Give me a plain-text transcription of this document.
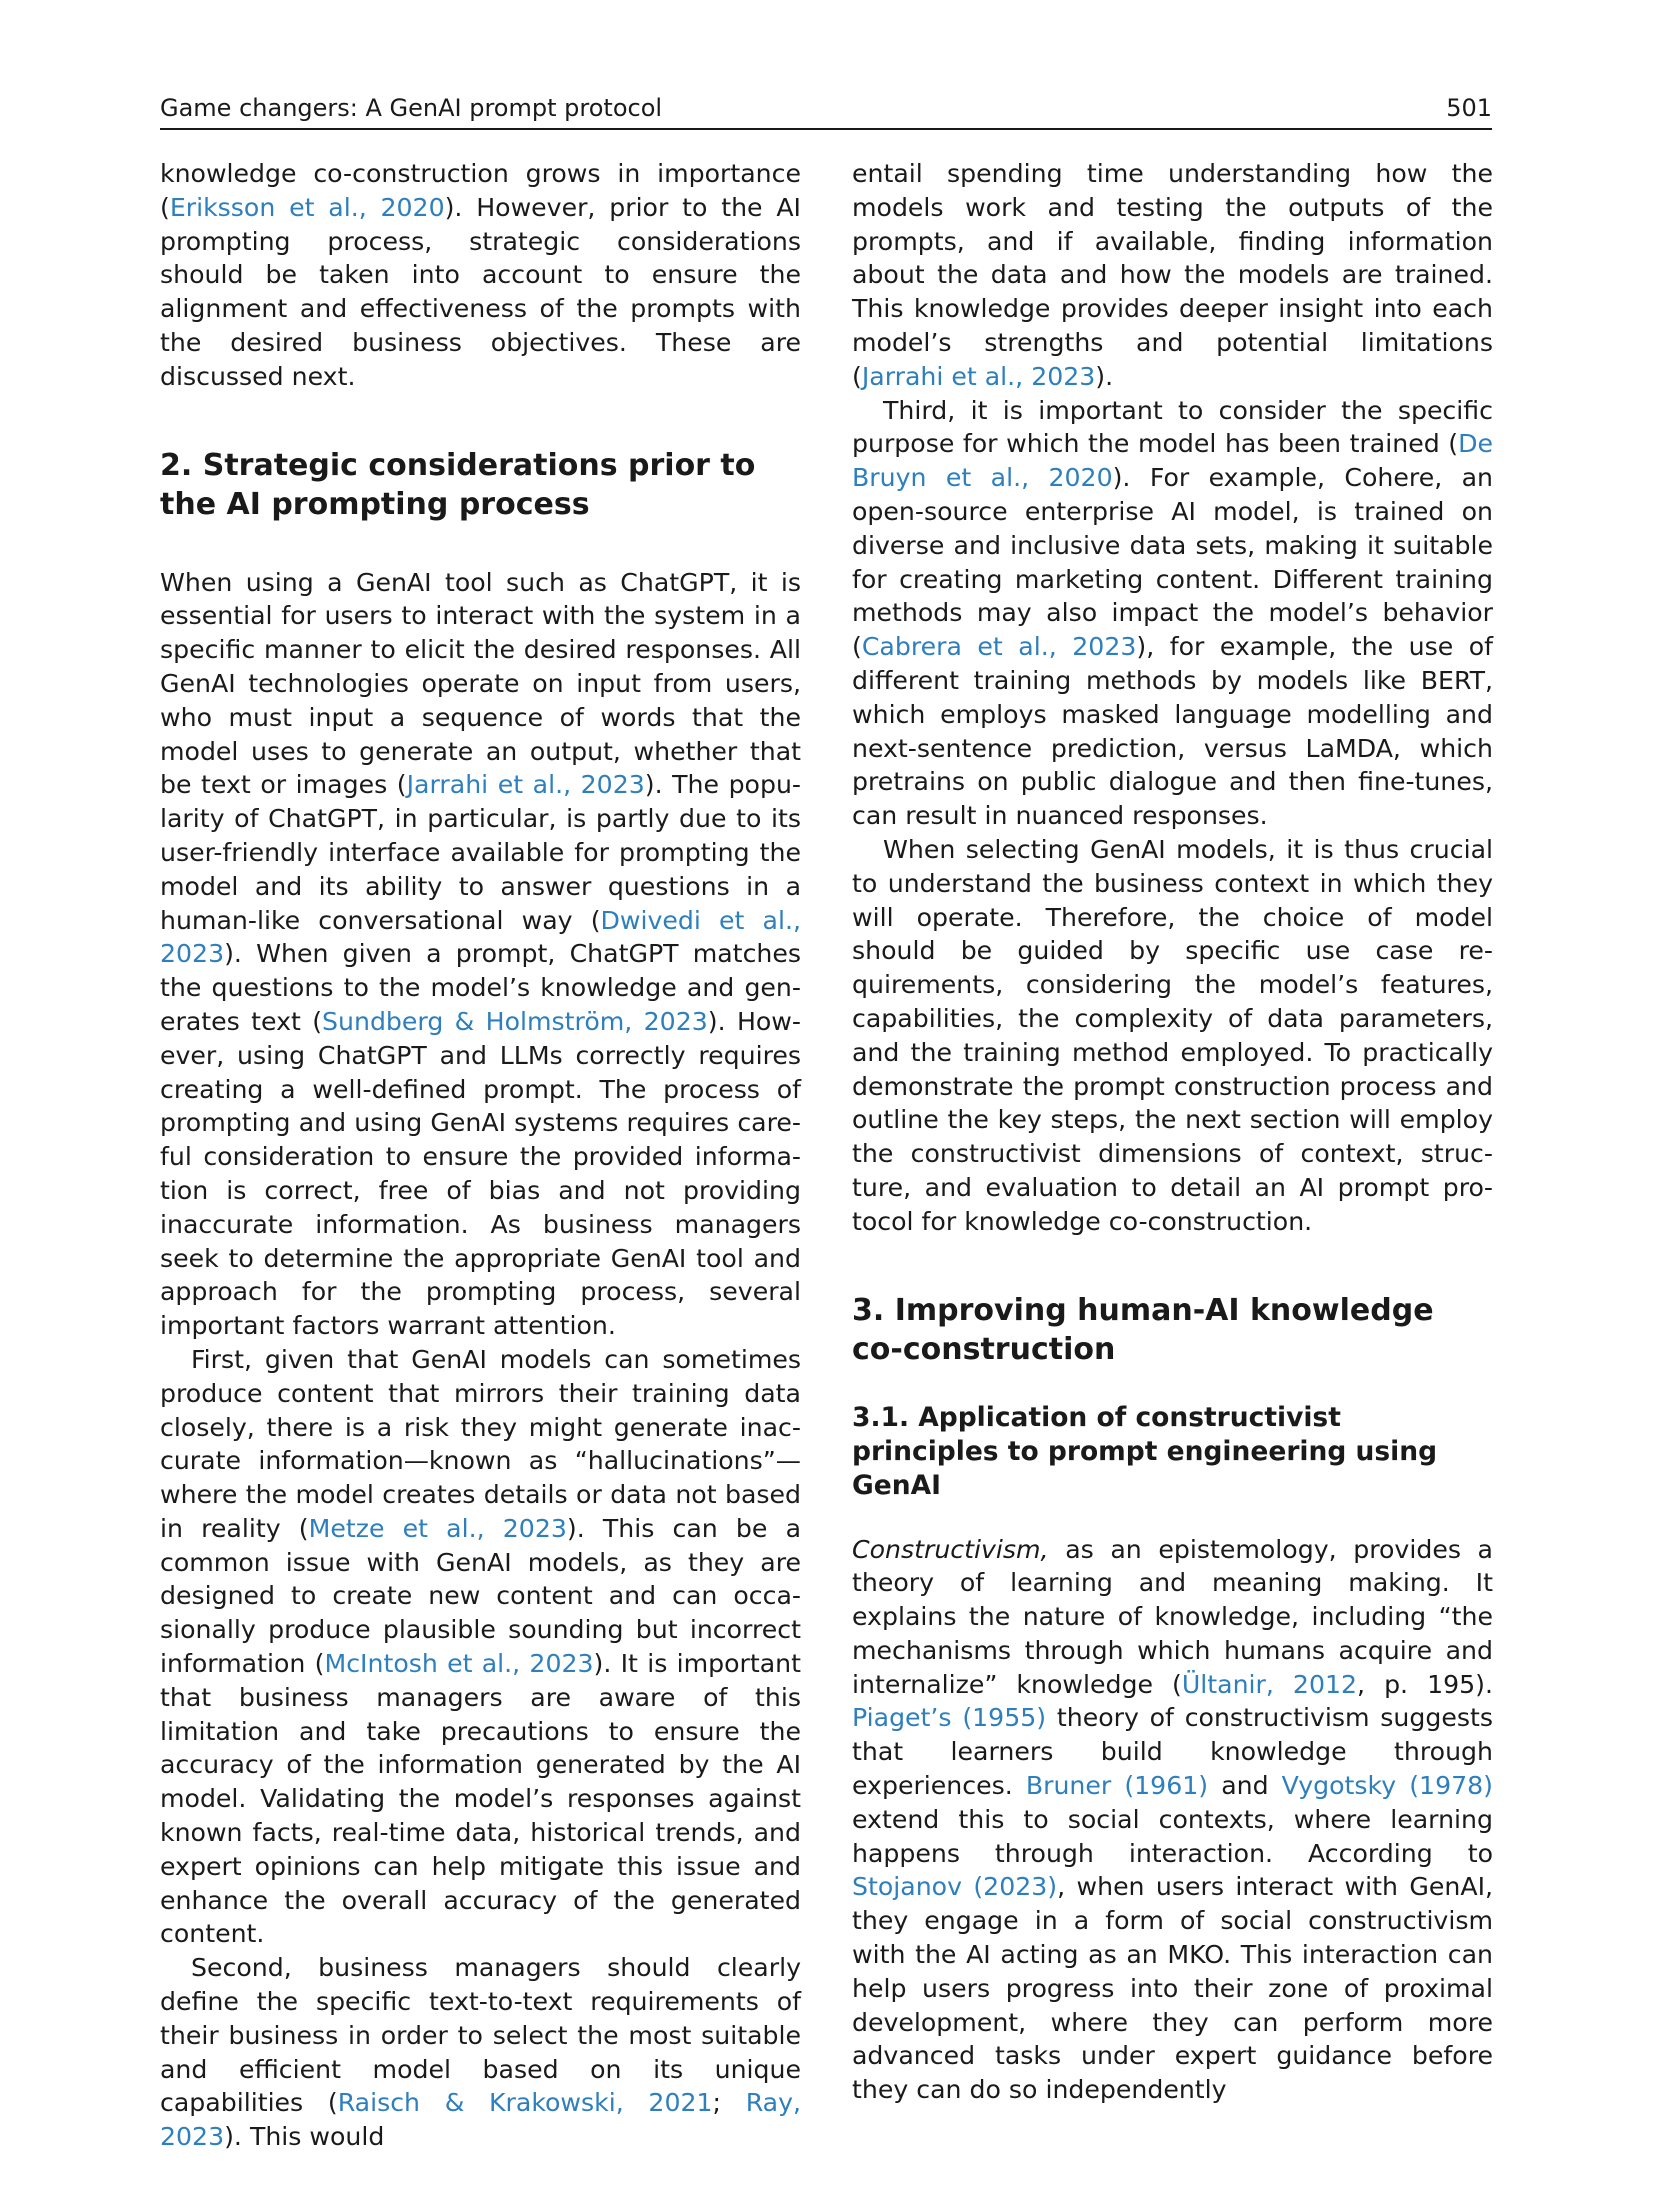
Game changers: A GenAI prompt protocol	501

knowledge co-construction grows in importance (Eriksson et al., 2020). However, prior to the AI prompting process, strategic considerations should be taken into account to ensure the alignment and effectiveness of the prompts with the desired business objectives. These are discussed next.

2. Strategic considerations prior to the AI prompting process

When using a GenAI tool such as ChatGPT, it is essential for users to interact with the system in a specific manner to elicit the desired responses. All GenAI technologies operate on input from users, who must input a sequence of words that the model uses to generate an output, whether that be text or images (Jarrahi et al., 2023). The popularity of ChatGPT, in particular, is partly due to its user-friendly interface available for prompting the model and its ability to answer questions in a human-like conversational way (Dwivedi et al., 2023). When given a prompt, ChatGPT matches the questions to the model’s knowledge and generates text (Sundberg & Holmström, 2023). However, using ChatGPT and LLMs correctly requires creating a well-defined prompt. The process of prompting and using GenAI systems requires careful consideration to ensure the provided information is correct, free of bias and not providing inaccurate information. As business managers seek to determine the appropriate GenAI tool and approach for the prompting process, several important factors warrant attention.

First, given that GenAI models can sometimes produce content that mirrors their training data closely, there is a risk they might generate inaccurate information—known as “hallucinations”—where the model creates details or data not based in reality (Metze et al., 2023). This can be a common issue with GenAI models, as they are designed to create new content and can occasionally produce plausible sounding but incorrect information (McIntosh et al., 2023). It is important that business managers are aware of this limitation and take precautions to ensure the accuracy of the information generated by the AI model. Validating the model’s responses against known facts, real-time data, historical trends, and expert opinions can help mitigate this issue and enhance the overall accuracy of the generated content.

Second, business managers should clearly define the specific text-to-text requirements of their business in order to select the most suitable and efficient model based on its unique capabilities (Raisch & Krakowski, 2021; Ray, 2023). This would

entail spending time understanding how the models work and testing the outputs of the prompts, and if available, finding information about the data and how the models are trained. This knowledge provides deeper insight into each model’s strengths and potential limitations (Jarrahi et al., 2023).

Third, it is important to consider the specific purpose for which the model has been trained (De Bruyn et al., 2020). For example, Cohere, an open-source enterprise AI model, is trained on diverse and inclusive data sets, making it suitable for creating marketing content. Different training methods may also impact the model’s behavior (Cabrera et al., 2023), for example, the use of different training methods by models like BERT, which employs masked language modelling and next-sentence prediction, versus LaMDA, which pretrains on public dialogue and then fine-tunes, can result in nuanced responses.

When selecting GenAI models, it is thus crucial to understand the business context in which they will operate. Therefore, the choice of model should be guided by specific use case requirements, considering the model’s features, capabilities, the complexity of data parameters, and the training method employed. To practically demonstrate the prompt construction process and outline the key steps, the next section will employ the constructivist dimensions of context, structure, and evaluation to detail an AI prompt protocol for knowledge co-construction.

3. Improving human-AI knowledge co-construction
3.1. Application of constructivist principles to prompt engineering using GenAI

Constructivism, as an epistemology, provides a theory of learning and meaning making. It explains the nature of knowledge, including “the mechanisms through which humans acquire and internalize” knowledge (Ültanir, 2012, p. 195). Piaget’s (1955) theory of constructivism suggests that learners build knowledge through experiences. Bruner (1961) and Vygotsky (1978) extend this to social contexts, where learning happens through interaction. According to Stojanov (2023), when users interact with GenAI, they engage in a form of social constructivism with the AI acting as an MKO. This interaction can help users progress into their zone of proximal development, where they can perform more advanced tasks under expert guidance before they can do so independently
